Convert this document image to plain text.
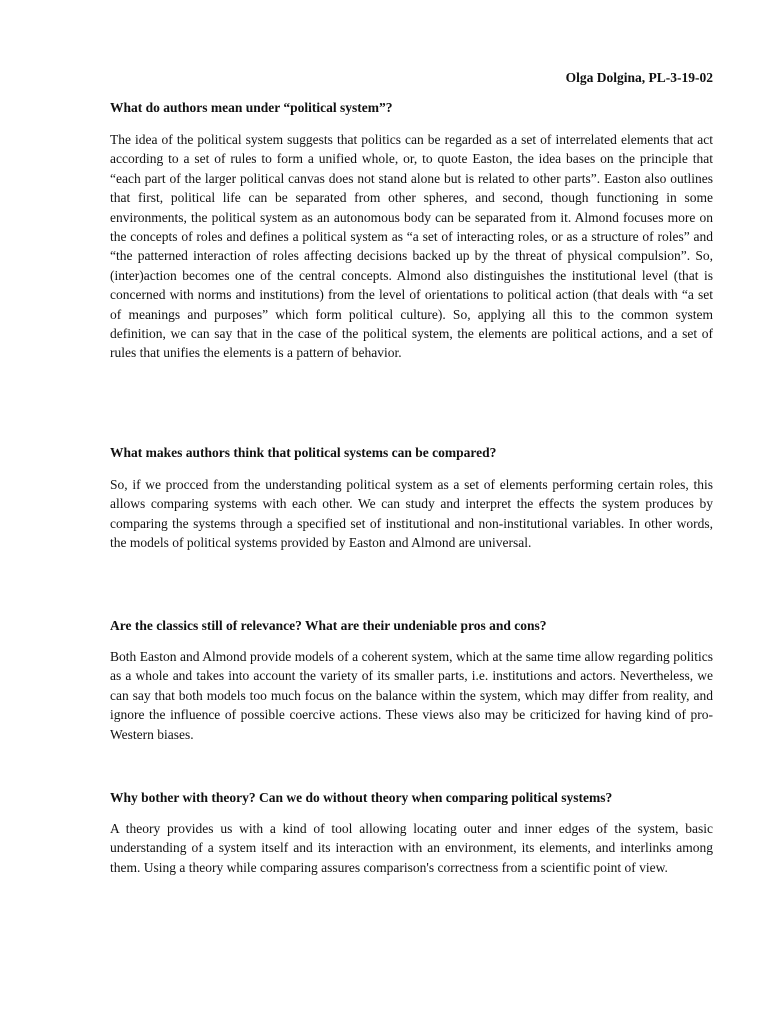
Olga Dolgina, PL-3-19-02

What do authors mean under “political system”?

The idea of the political system suggests that politics can be regarded as a set of interrelated elements that act according to a set of rules to form a unified whole, or, to quote Easton, the idea bases on the principle that “each part of the larger political canvas does not stand alone but is related to other parts”. Easton also outlines that first, political life can be separated from other spheres, and second, though functioning in some environments, the political system as an autonomous body can be separated from it. Almond focuses more on the concepts of roles and defines a political system as “a set of interacting roles, or as a structure of roles” and “the patterned interaction of roles affecting decisions backed up by the threat of physical compulsion”. So, (inter)action becomes one of the central concepts. Almond also distinguishes the institutional level (that is concerned with norms and institutions) from the level of orientations to political action (that deals with “a set of meanings and purposes” which form political culture). So, applying all this to the common system definition, we can say that in the case of the political system, the elements are political actions, and a set of rules that unifies the elements is a pattern of behavior.

What makes authors think that political systems can be compared?

So, if we procced from the understanding political system as a set of elements performing certain roles, this allows comparing systems with each other. We can study and interpret the effects the system produces by comparing the systems through a specified set of institutional and non-institutional variables. In other words, the models of political systems provided by Easton and Almond are universal.

Are the classics still of relevance? What are their undeniable pros and cons?

Both Easton and Almond provide models of a coherent system, which at the same time allow regarding politics as a whole and takes into account the variety of its smaller parts, i.e. institutions and actors. Nevertheless, we can say that both models too much focus on the balance within the system, which may differ from reality, and ignore the influence of possible coercive actions. These views also may be criticized for having kind of pro-Western biases.

Why bother with theory? Can we do without theory when comparing political systems?

A theory provides us with a kind of tool allowing locating outer and inner edges of the system, basic understanding of a system itself and its interaction with an environment, its elements, and interlinks among them. Using a theory while comparing assures comparison's correctness from a scientific point of view.
